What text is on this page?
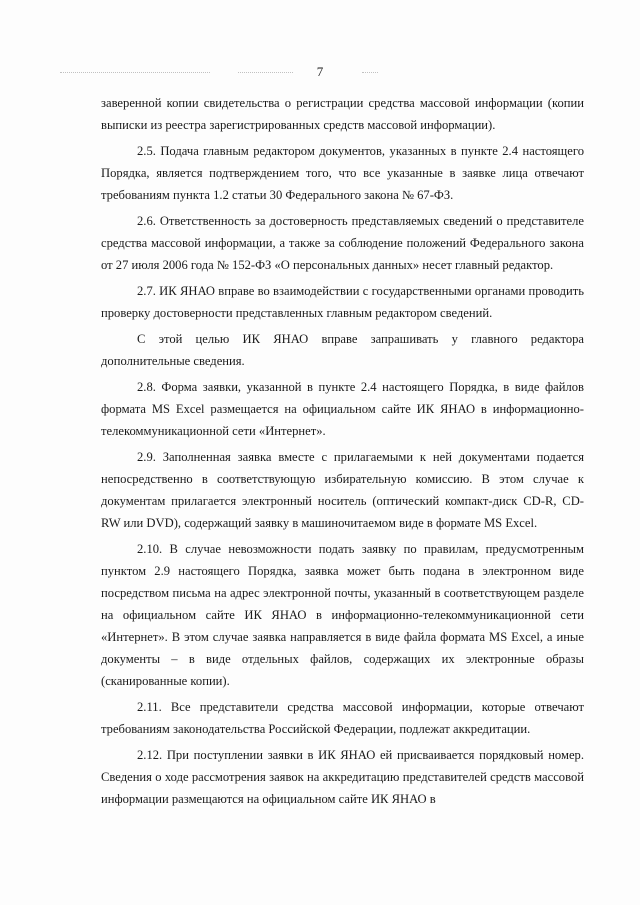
7

заверенной копии свидетельства о регистрации средства массовой информации (копии выписки из реестра зарегистрированных средств массовой информации).

2.5. Подача главным редактором документов, указанных в пункте 2.4 настоящего Порядка, является подтверждением того, что все указанные в заявке лица отвечают требованиям пункта 1.2 статьи 30 Федерального закона № 67-ФЗ.

2.6. Ответственность за достоверность представляемых сведений о представителе средства массовой информации, а также за соблюдение положений Федерального закона от 27 июля 2006 года № 152-ФЗ «О персональных данных» несет главный редактор.

2.7. ИК ЯНАО вправе во взаимодействии с государственными органами проводить проверку достоверности представленных главным редактором сведений.

С этой целью ИК ЯНАО вправе запрашивать у главного редактора дополнительные сведения.

2.8. Форма заявки, указанной в пункте 2.4 настоящего Порядка, в виде файлов формата MS Excel размещается на официальном сайте ИК ЯНАО в информационно-телекоммуникационной сети «Интернет».

2.9. Заполненная заявка вместе с прилагаемыми к ней документами подается непосредственно в соответствующую избирательную комиссию. В этом случае к документам прилагается электронный носитель (оптический компакт-диск CD-R, CD-RW или DVD), содержащий заявку в машиночитаемом виде в формате MS Excel.

2.10. В случае невозможности подать заявку по правилам, предусмотренным пунктом 2.9 настоящего Порядка, заявка может быть подана в электронном виде посредством письма на адрес электронной почты, указанный в соответствующем разделе на официальном сайте ИК ЯНАО в информационно-телекоммуникационной сети «Интернет». В этом случае заявка направляется в виде файла формата MS Excel, а иные документы – в виде отдельных файлов, содержащих их электронные образы (сканированные копии).

2.11. Все представители средства массовой информации, которые отвечают требованиям законодательства Российской Федерации, подлежат аккредитации.

2.12. При поступлении заявки в ИК ЯНАО ей присваивается порядковый номер. Сведения о ходе рассмотрения заявок на аккредитацию представителей средств массовой информации размещаются на официальном сайте ИК ЯНАО в
